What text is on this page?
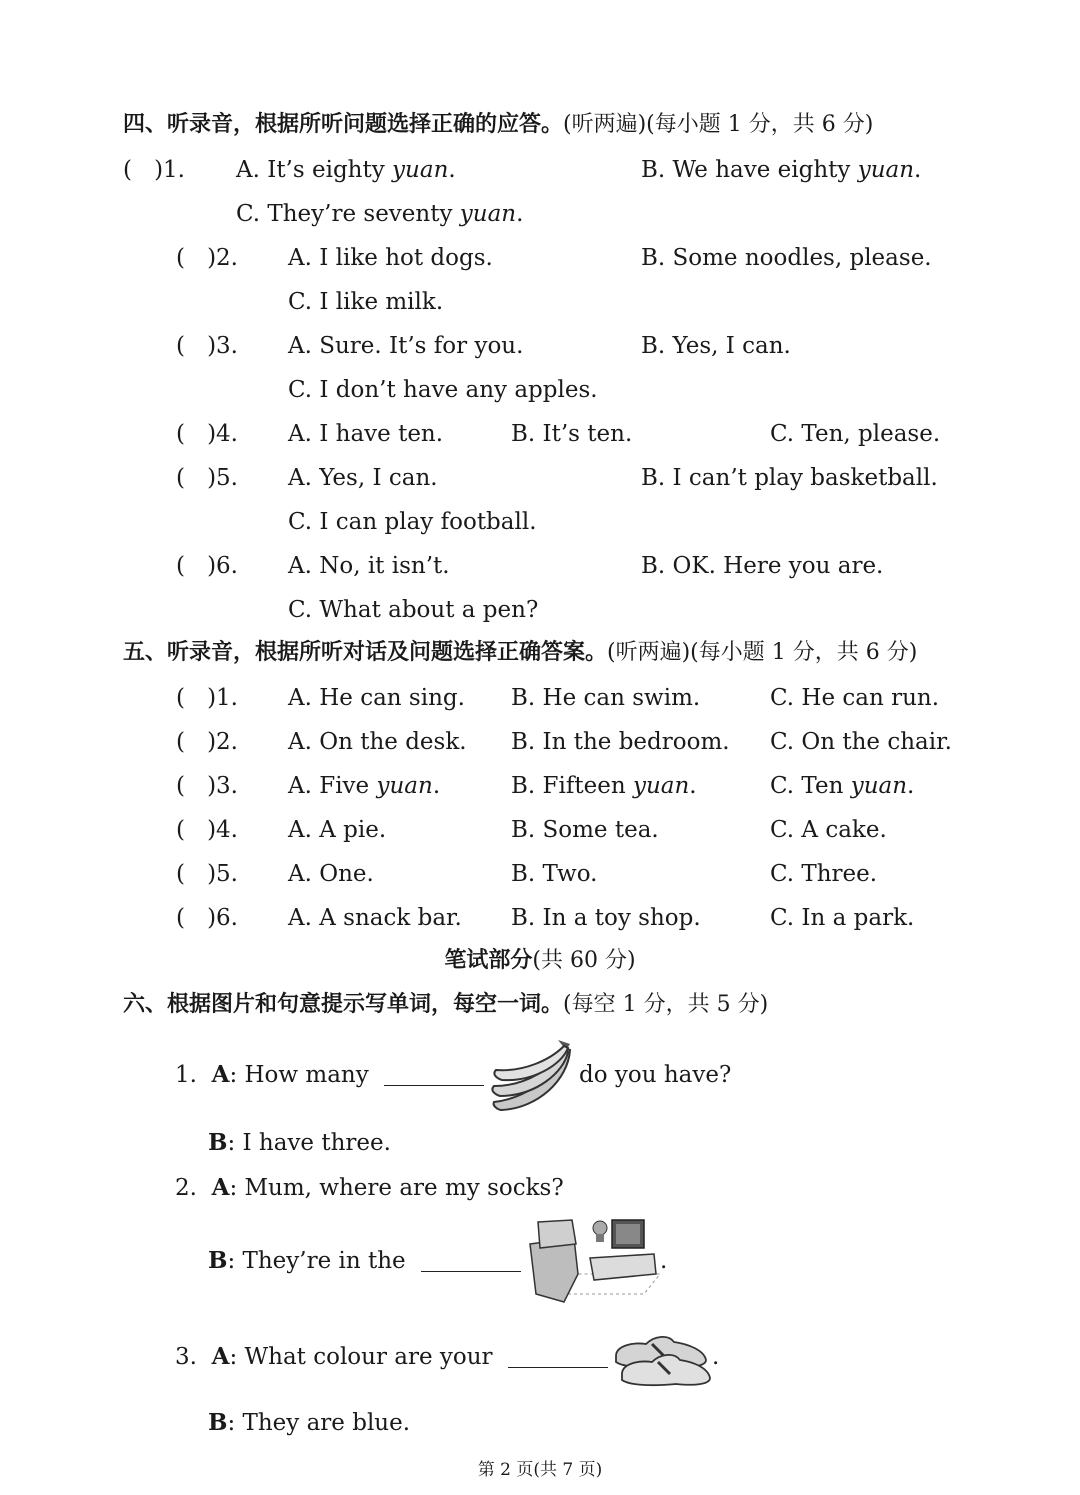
四、听录音，根据所听问题选择正确的应答。(听两遍)(每小题 1 分，共 6 分)
五、听录音，根据所听对话及问题选择正确答案。(听两遍)(每小题 1 分，共 6 分)
笔试部分(共 60 分)
六、根据图片和句意提示写单词，每空一词。(每空 1 分，共 5 分)
1. A: How many	do you have?
B: I have three.
2. A: Mum, where are my socks?
B: They’re in the	.
3. A: What colour are your	.
B: They are blue.
第 2 页(共 7 页)
( )1. A. It’s eighty yuan.	B. We have eighty yuan.
C. They’re seventy yuan.
( )2. A. I like hot dogs.	B. Some noodles, please.
C. I like milk.
( )3. A. Sure. It’s for you.	B. Yes, I can.
C. I don’t have any apples.
( )4. A. I have ten.	B. It’s ten.	C. Ten, please.
( )5. A. Yes, I can.	B. I can’t play basketball.
C. I can play football.
( )6. A. No, it isn’t.	B. OK. Here you are.
C. What about a pen?
( )1. A. He can sing. B. He can swim.	C. He can run.
( )2. A. On the desk. B. In the bedroom. C. On the chair.
( )3. A. Five yuan.	B. Fifteen yuan.	C. Ten yuan.
( )4. A. A pie.	B. Some tea.	C. A cake.
( )5. A. One.	B. Two.	C. Three.
( )6. A. A snack bar. B. In a toy shop.	C. In a park.
